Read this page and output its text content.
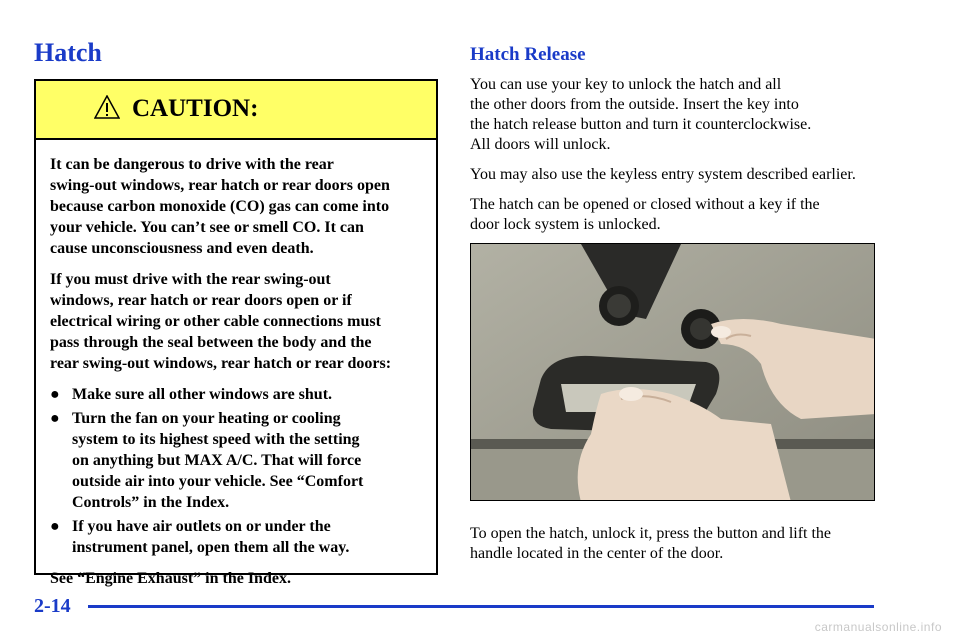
Hatch
CAUTION:

It can be dangerous to drive with the rear
swing-out windows, rear hatch or rear doors open
because carbon monoxide (CO) gas can come into
your vehicle. You can’t see or smell CO. It can
cause unconsciousness and even death.

If you must drive with the rear swing-out
windows, rear hatch or rear doors open or if
electrical wiring or other cable connections must
pass through the seal between the body and the
rear swing-out windows, rear hatch or rear doors:

● Make sure all other windows are shut.
● Turn the fan on your heating or cooling
system to its highest speed with the setting
on anything but MAX A/C. That will force
outside air into your vehicle. See “Comfort
Controls” in the Index.
● If you have air outlets on or under the
instrument panel, open them all the way.

See “Engine Exhaust” in the Index.

Hatch Release

You can use your key to unlock the hatch and all
the other doors from the outside. Insert the key into
the hatch release button and turn it counterclockwise.
All doors will unlock.

You may also use the keyless entry system described earlier.

The hatch can be opened or closed without a key if the
door lock system is unlocked.

To open the hatch, unlock it, press the button and lift the
handle located in the center of the door.
2-14
carmanualsonline.info
